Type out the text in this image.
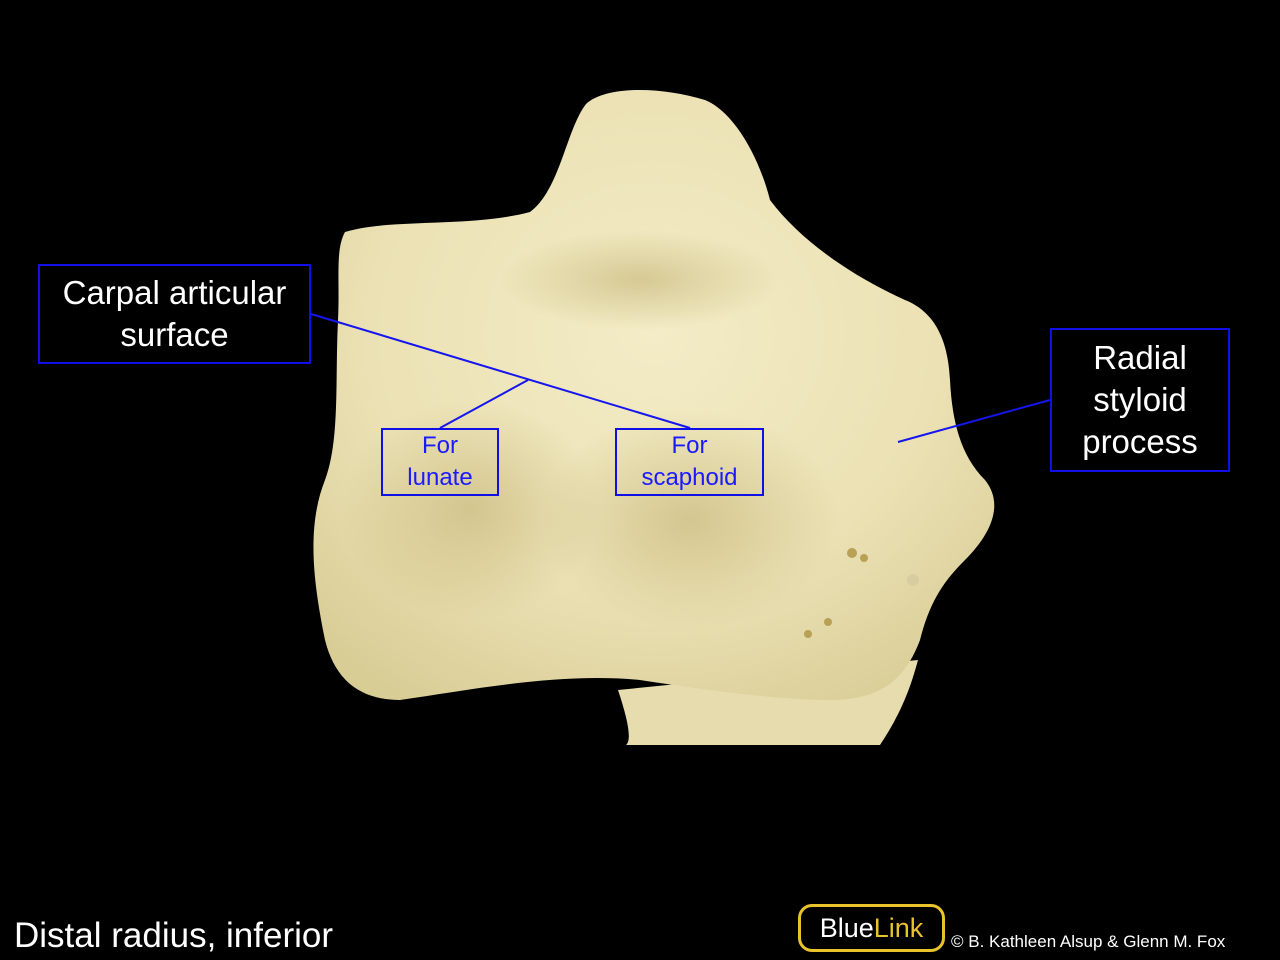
Carpal articular
surface
Radial
styloid
process
For
lunate
For
scaphoid
Distal radius, inferior	Blue Link © B. Kathleen Alsup & Glenn M. Fox
